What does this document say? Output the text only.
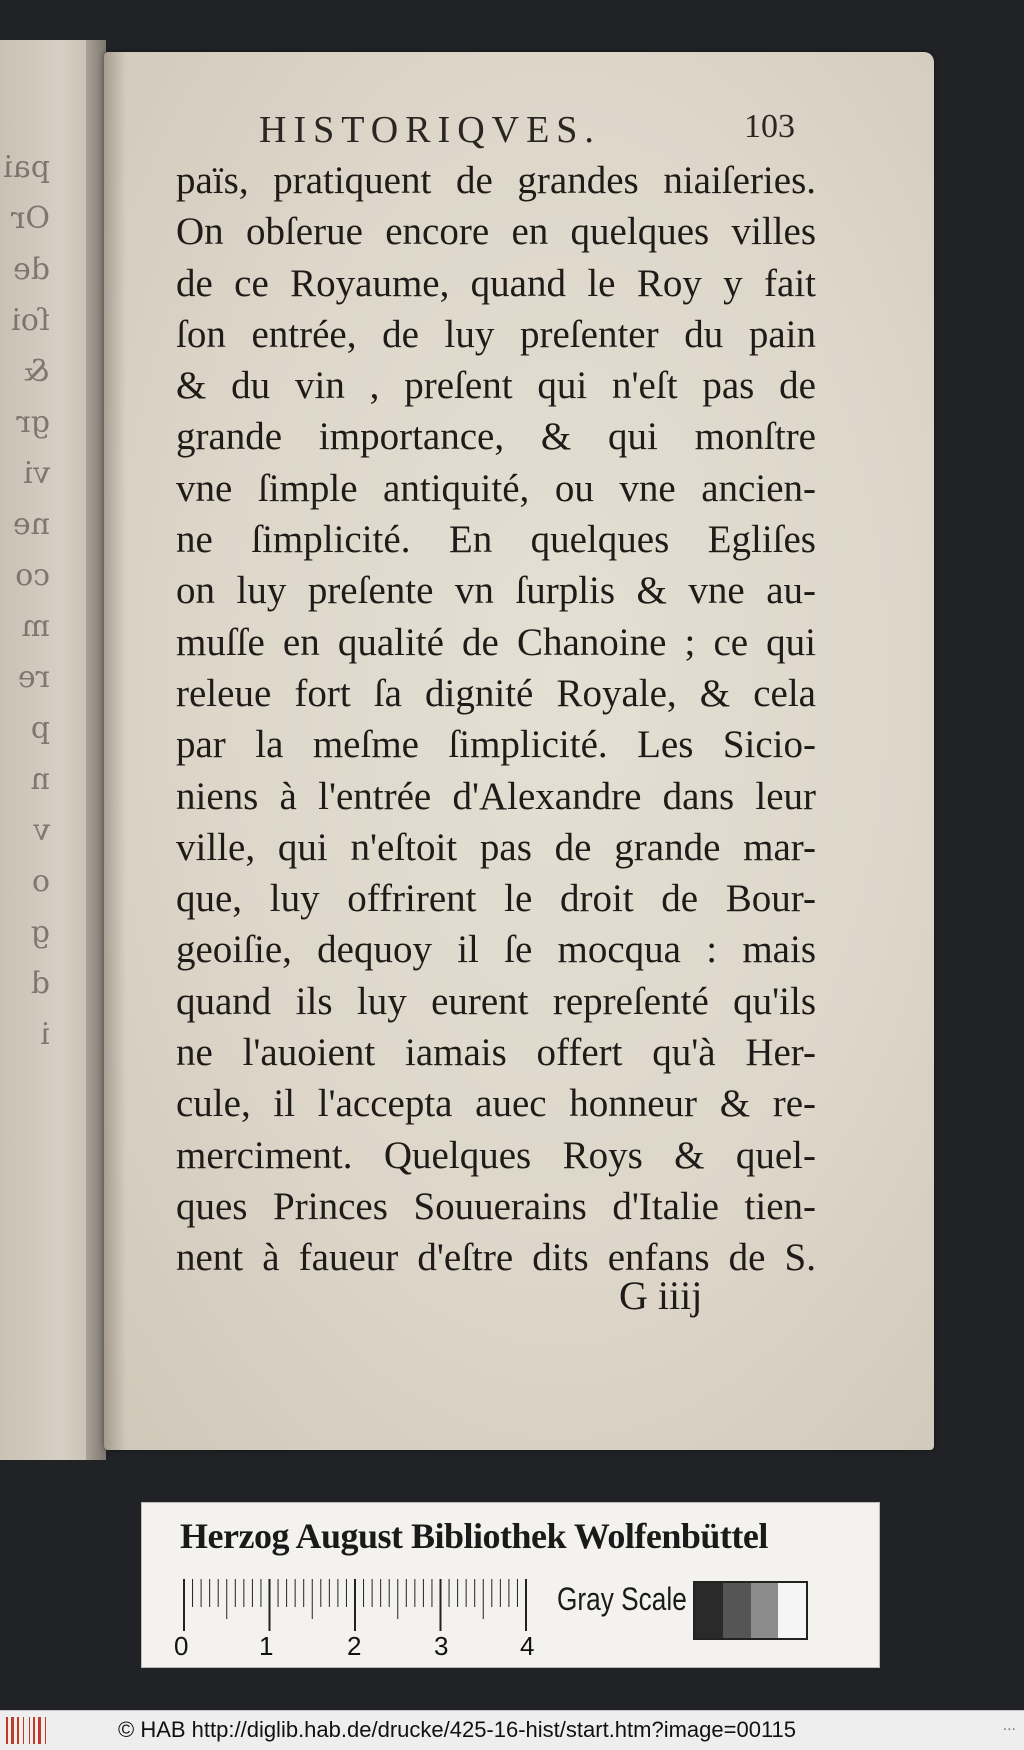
pai
Or
de
ſoi
&
gr
vi
ne
co
m
re
p
n
v
o
g
d
i
HISTORIQVES.	103
païs, pratiquent de grandes niaiſeries.
On obſerue encore en quelques villes
de ce Royaume, quand le Roy y fait
ſon entrée, de luy preſenter du pain
& du vin , preſent qui n'eſt pas de
grande importance, & qui monſtre
vne ſimple antiquité, ou vne ancien-
ne ſimplicité. En quelques Egliſes
on luy preſente vn ſurplis & vne au-
muſſe en qualité de Chanoine ; ce qui
releue fort ſa dignité Royale, & cela
par la meſme ſimplicité. Les Sicio-
niens à l'entrée d'Alexandre dans leur
ville, qui n'eſtoit pas de grande mar-
que, luy offrirent le droit de Bour-
geoiſie, dequoy il ſe mocqua : mais
quand ils luy eurent repreſenté qu'ils
ne l'auoient iamais offert qu'à Her-
cule, il l'accepta auec honneur & re-
merciment. Quelques Roys & quel-
ques Princes Souuerains d'Italie tien-
nent à faueur d'eſtre dits enfans de S.
G iiij
Herzog August Bibliothek Wolfenbüttel
0	1	2	3	4
Gray Scale
© HAB http://diglib.hab.de/drucke/425-16-hist/start.htm?image=00115	...
